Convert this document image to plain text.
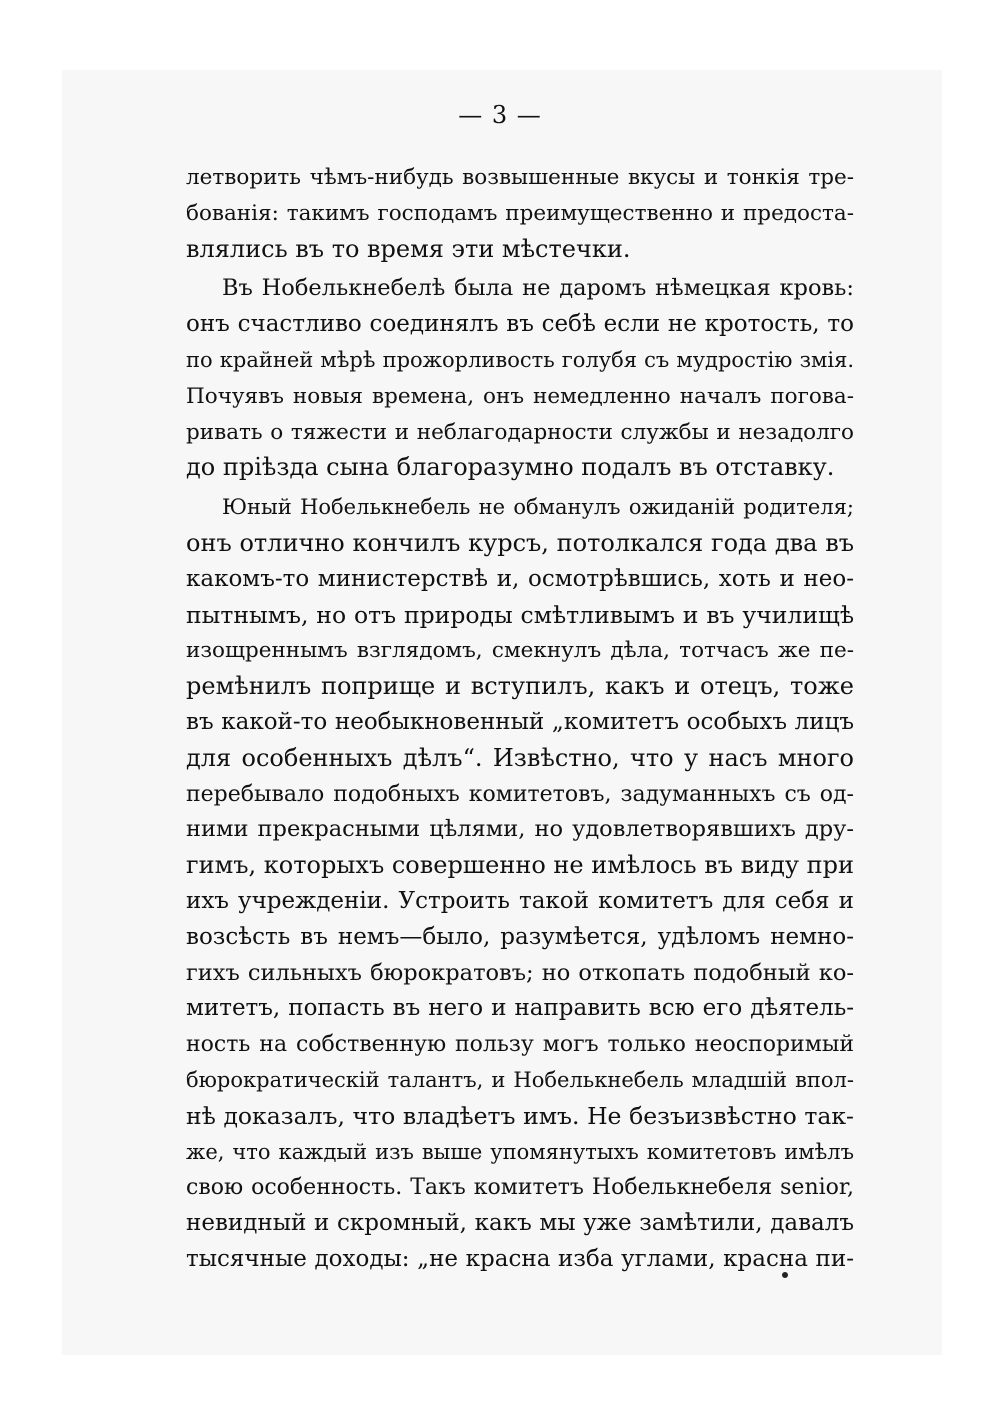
— 3 —
летворить чѣмъ-нибудь возвышенные вкусы и тонкія тре-
бованія: такимъ господамъ преимущественно и предоста-
влялись въ то время эти мѣстечки.
Въ Нобелькнебелѣ была не даромъ нѣмецкая кровь:
онъ счастливо соединялъ въ себѣ если не кротость, то
по крайней мѣрѣ прожорливость голубя съ мудростію змія.
Почуявъ новыя времена, онъ немедленно началъ поговa-
ривать о тяжести и неблагодарности службы и незадолго
до пріѣзда сына благоразумно подалъ въ отставку.
Юный Нобелькнебель не обманулъ ожиданій родителя;
онъ отлично кончилъ курсъ, потолкался года два въ
какомъ-то министерствѣ и, осмотрѣвшись, хоть и нео-
пытнымъ, но отъ природы смѣтливымъ и въ училищѣ
изощреннымъ взглядомъ, смекнулъ дѣла, тотчасъ же пе-
ремѣнилъ поприще и вступилъ, какъ и отецъ, тоже
въ какой-то необыкновенный „комитетъ особыхъ лицъ
для особенныхъ дѣлъ“. Извѣстно, что у насъ много
перебывало подобныхъ комитетовъ, задуманныхъ съ од-
ними прекрасными цѣлями, но удовлетворявшихъ дру-
гимъ, которыхъ совершенно не имѣлось въ виду при
ихъ учрежденіи. Устроить такой комитетъ для себя и
возсѣсть въ немъ—было, разумѣется, удѣломъ немно-
гихъ сильныхъ бюрократовъ; но откопать подобный ко-
митетъ, попасть въ него и направить всю его дѣятель-
ность на собственную пользу могъ только неоспоримый
бюрократическій талантъ, и Нобелькнебель младшій впол-
нѣ доказалъ, что владѣетъ имъ. Не безъизвѣстно так-
же, что каждый изъ выше упомянутыхъ комитетовъ имѣлъ
свою особенность. Такъ комитетъ Нобелькнебеля senior,
невидный и скромный, какъ мы уже замѣтили, давалъ
тысячные доходы: „не красна изба углами, красна пи-
